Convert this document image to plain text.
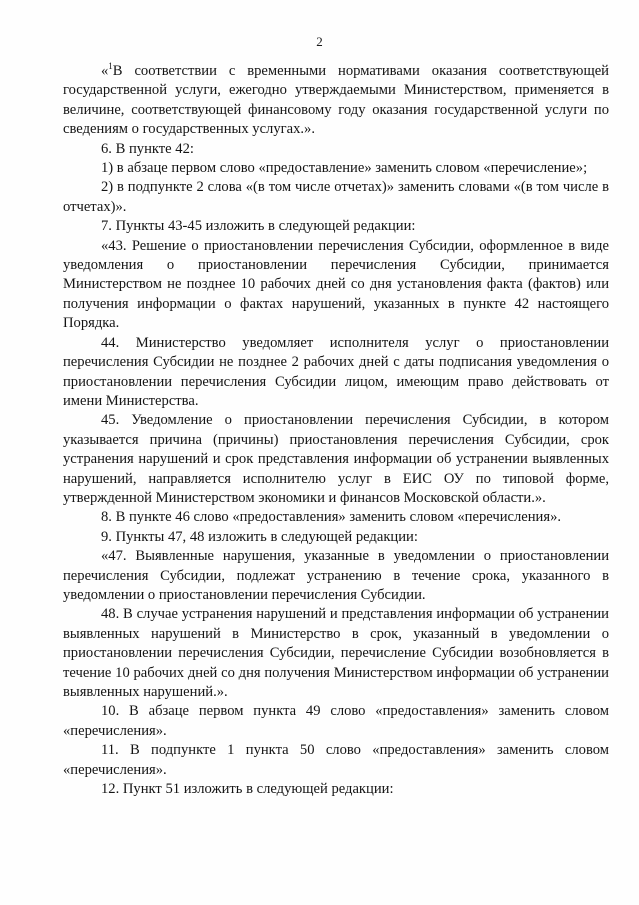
2

«$^1$В соответствии с временными нормативами оказания соответствующей государственной услуги, ежегодно утверждаемыми Министерством, применяется в величине, соответствующей финансовому году оказания государственной услуги по сведениям о государственных услугах.».

6. В пункте 42:

1) в абзаце первом слово «предоставление» заменить словом «перечисление»;

2) в подпункте 2 слова «(в том числе отчетах)» заменить словами «(в том числе в отчетах)».

7. Пункты 43-45 изложить в следующей редакции:

«43. Решение о приостановлении перечисления Субсидии, оформленное в виде уведомления о приостановлении перечисления Субсидии, принимается Министерством не позднее 10 рабочих дней со дня установления факта (фактов) или получения информации о фактах нарушений, указанных в пункте 42 настоящего Порядка.

44. Министерство уведомляет исполнителя услуг о приостановлении перечисления Субсидии не позднее 2 рабочих дней с даты подписания уведомления о приостановлении перечисления Субсидии лицом, имеющим право действовать от имени Министерства.

45. Уведомление о приостановлении перечисления Субсидии, в котором указывается причина (причины) приостановления перечисления Субсидии, срок устранения нарушений и срок представления информации об устранении выявленных нарушений, направляется исполнителю услуг в ЕИС ОУ по типовой форме, утвержденной Министерством экономики и финансов Московской области.».

8. В пункте 46 слово «предоставления» заменить словом «перечисления».

9. Пункты 47, 48 изложить в следующей редакции:

«47. Выявленные нарушения, указанные в уведомлении о приостановлении перечисления Субсидии, подлежат устранению в течение срока, указанного в уведомлении о приостановлении перечисления Субсидии.

48. В случае устранения нарушений и представления информации об устранении выявленных нарушений в Министерство в срок, указанный в уведомлении о приостановлении перечисления Субсидии, перечисление Субсидии возобновляется в течение 10 рабочих дней со дня получения Министерством информации об устранении выявленных нарушений.».

10. В абзаце первом пункта 49 слово «предоставления» заменить словом «перечисления».

11. В подпункте 1 пункта 50 слово «предоставления» заменить словом «перечисления».

12. Пункт 51 изложить в следующей редакции:
